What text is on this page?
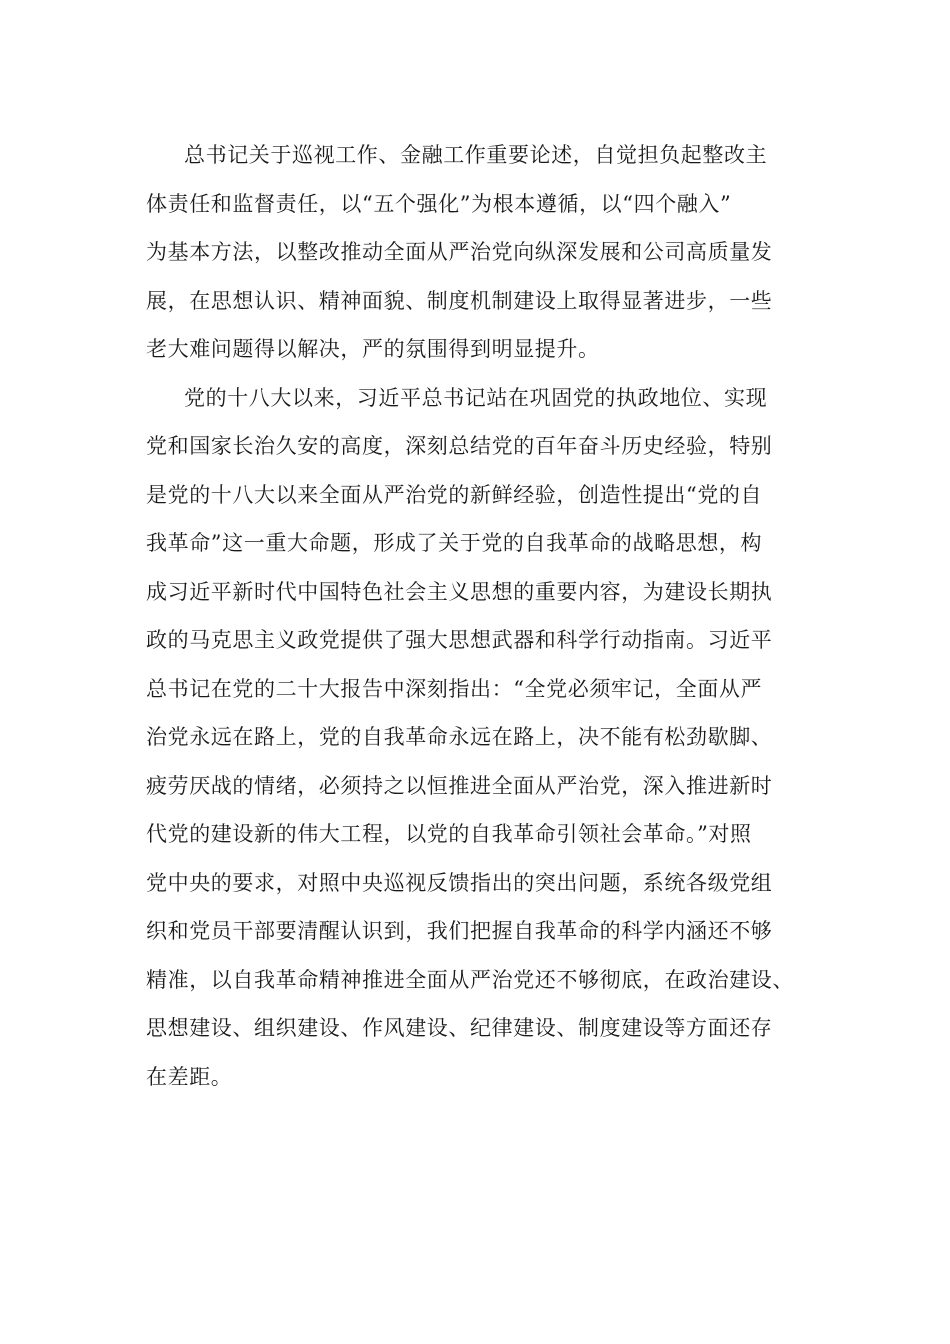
总书记关于巡视工作、金融工作重要论述，自觉担负起整改主
体责任和监督责任，以“五个强化”为根本遵循，以“四个融入”
为基本方法，以整改推动全面从严治党向纵深发展和公司高质量发
展，在思想认识、精神面貌、制度机制建设上取得显著进步，一些
老大难问题得以解决，严的氛围得到明显提升。
党的十八大以来，习近平总书记站在巩固党的执政地位、实现
党和国家长治久安的高度，深刻总结党的百年奋斗历史经验，特别
是党的十八大以来全面从严治党的新鲜经验，创造性提出“党的自
我革命”这一重大命题，形成了关于党的自我革命的战略思想，构
成习近平新时代中国特色社会主义思想的重要内容，为建设长期执
政的马克思主义政党提供了强大思想武器和科学行动指南。习近平
总书记在党的二十大报告中深刻指出：“全党必须牢记，全面从严
治党永远在路上，党的自我革命永远在路上，决不能有松劲歇脚、
疲劳厌战的情绪，必须持之以恒推进全面从严治党，深入推进新时
代党的建设新的伟大工程，以党的自我革命引领社会革命。”对照
党中央的要求，对照中央巡视反馈指出的突出问题，系统各级党组
织和党员干部要清醒认识到，我们把握自我革命的科学内涵还不够
精准，以自我革命精神推进全面从严治党还不够彻底，在政治建设、
思想建设、组织建设、作风建设、纪律建设、制度建设等方面还存
在差距。
